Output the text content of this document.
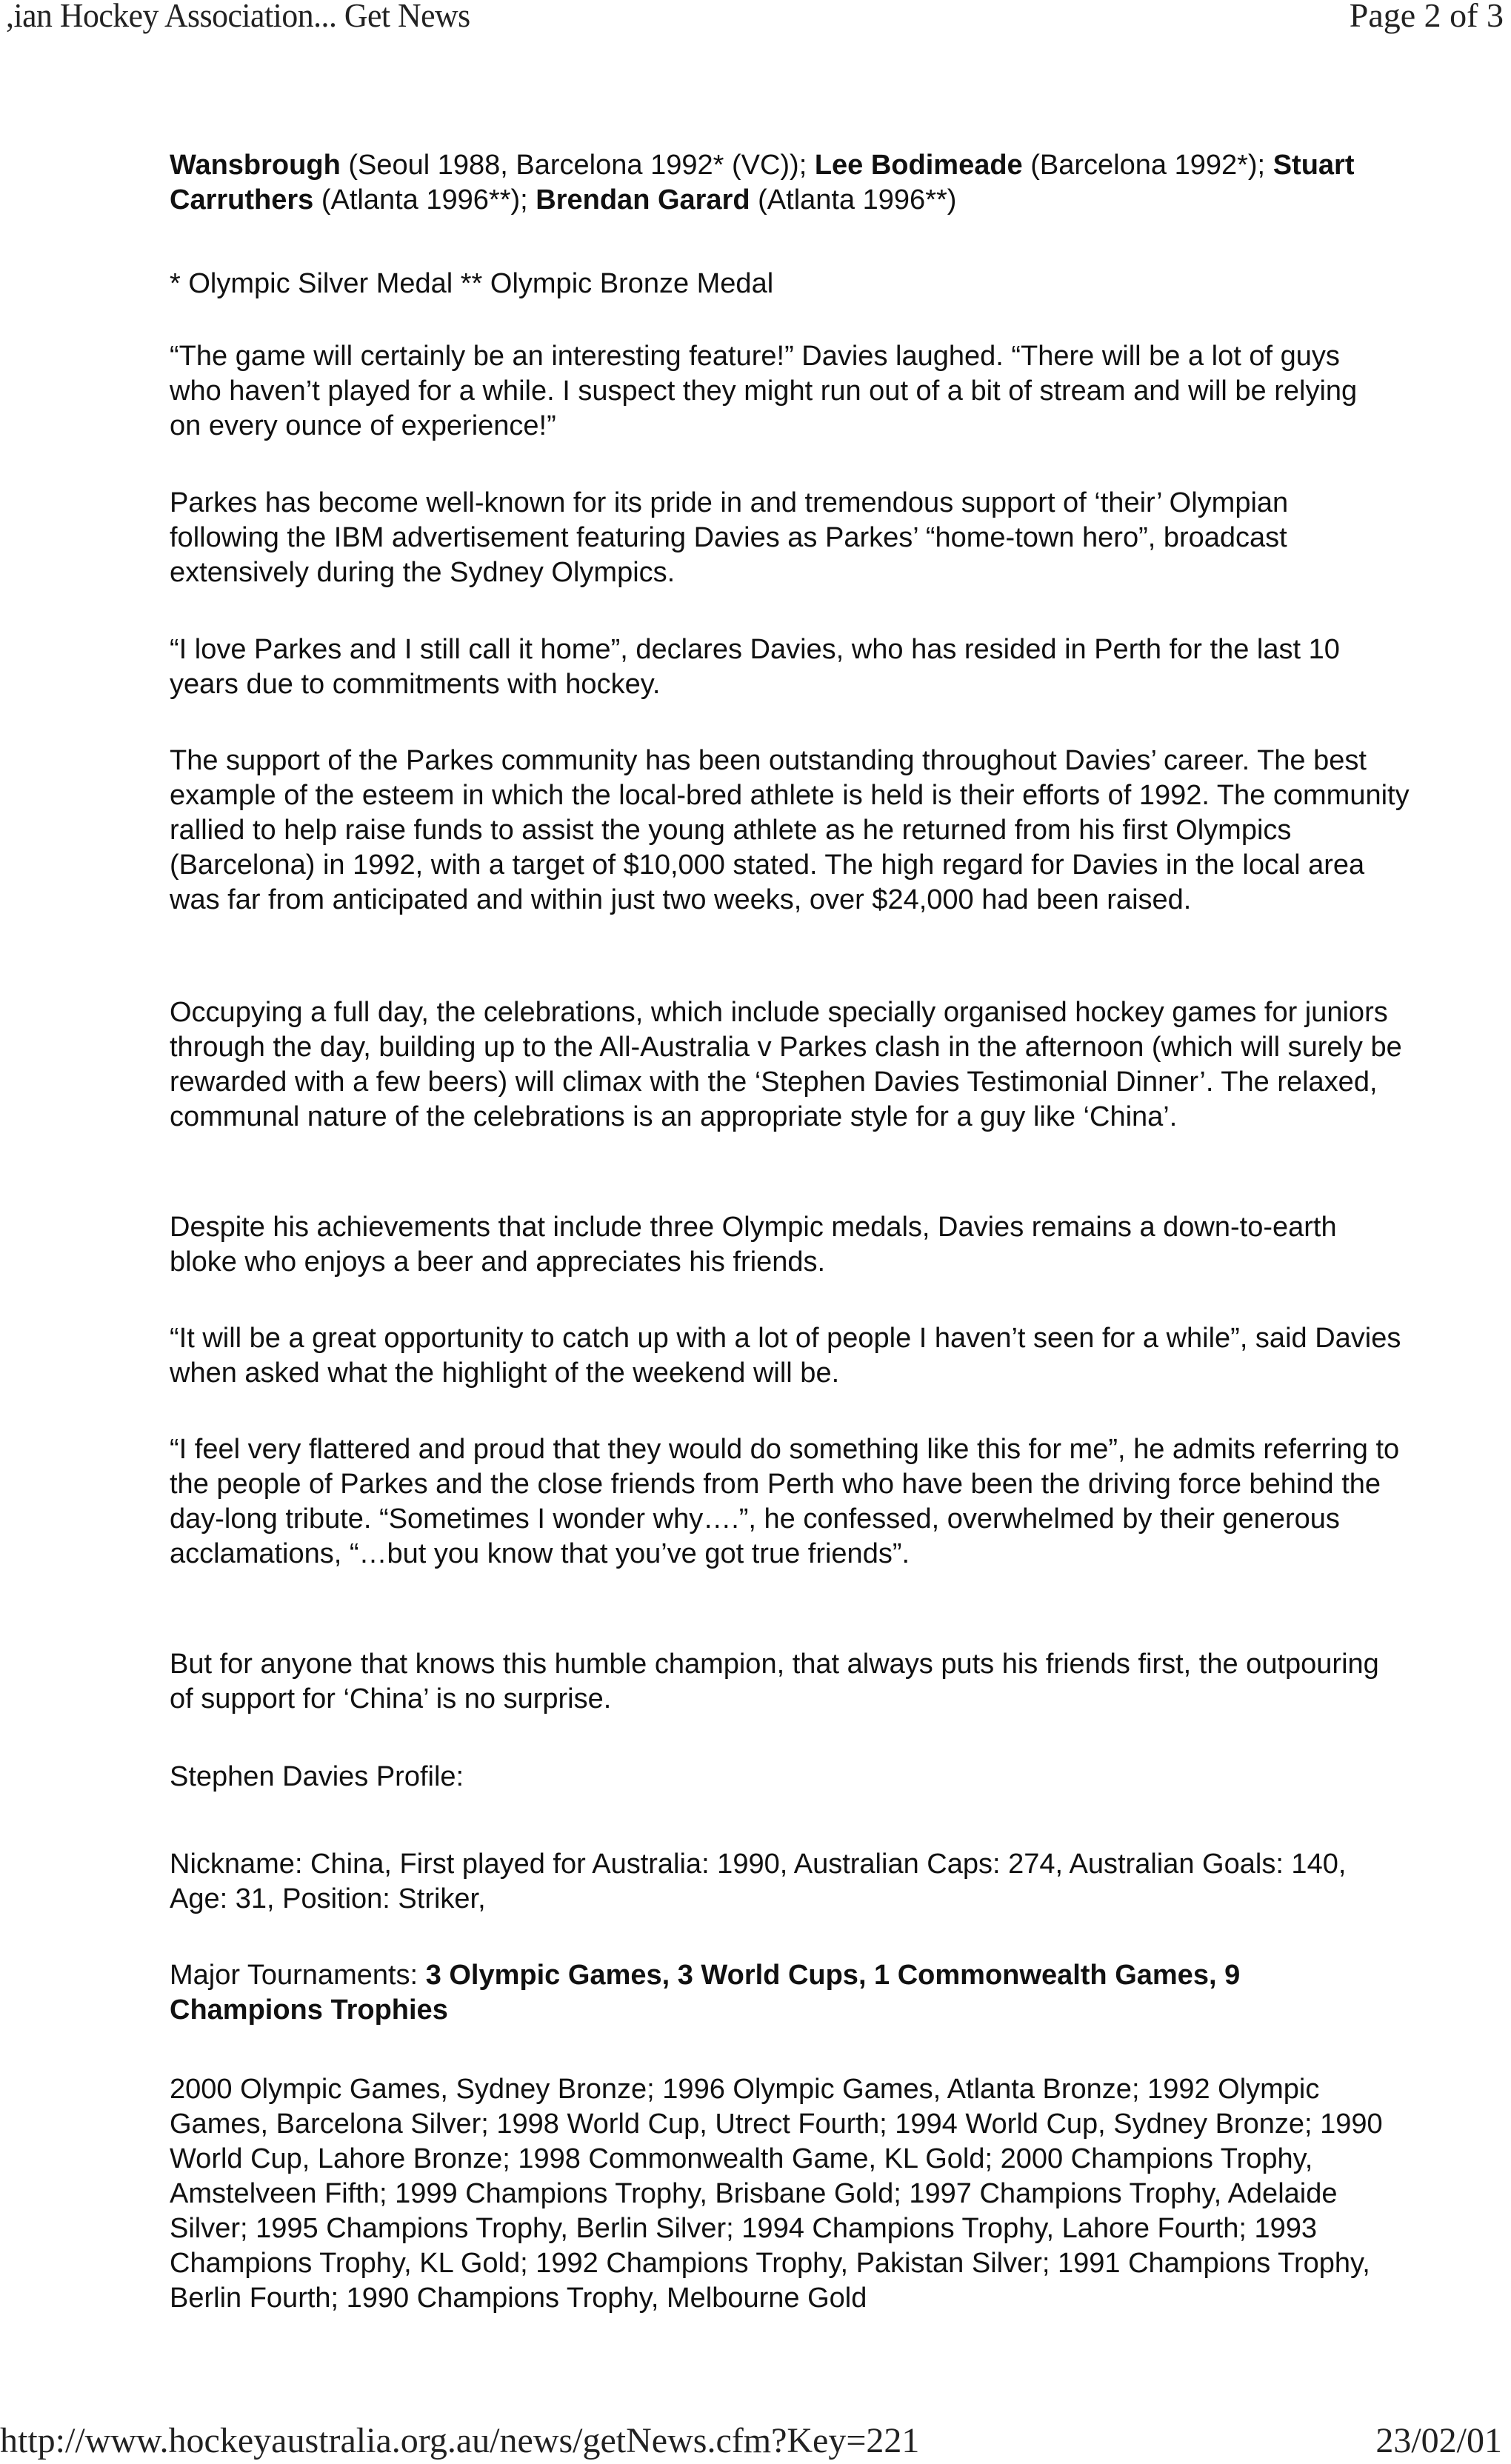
,ian Hockey Association... Get News	Page 2 of 3

Wansbrough (Seoul 1988, Barcelona 1992* (VC)); Lee Bodimeade (Barcelona 1992*); Stuart Carruthers (Atlanta 1996**); Brendan Garard (Atlanta 1996**)

* Olympic Silver Medal ** Olympic Bronze Medal

“The game will certainly be an interesting feature!” Davies laughed. “There will be a lot of guys who haven’t played for a while. I suspect they might run out of a bit of stream and will be relying on every ounce of experience!”

Parkes has become well-known for its pride in and tremendous support of ‘their’ Olympian following the IBM advertisement featuring Davies as Parkes’ “home-town hero”, broadcast extensively during the Sydney Olympics.

“I love Parkes and I still call it home”, declares Davies, who has resided in Perth for the last 10 years due to commitments with hockey.

The support of the Parkes community has been outstanding throughout Davies’ career. The best example of the esteem in which the local-bred athlete is held is their efforts of 1992. The community rallied to help raise funds to assist the young athlete as he returned from his first Olympics (Barcelona) in 1992, with a target of $10,000 stated. The high regard for Davies in the local area was far from anticipated and within just two weeks, over $24,000 had been raised.

Occupying a full day, the celebrations, which include specially organised hockey games for juniors through the day, building up to the All-Australia v Parkes clash in the afternoon (which will surely be rewarded with a few beers) will climax with the ‘Stephen Davies Testimonial Dinner’. The relaxed, communal nature of the celebrations is an appropriate style for a guy like ‘China’.

Despite his achievements that include three Olympic medals, Davies remains a down-to-earth bloke who enjoys a beer and appreciates his friends.

“It will be a great opportunity to catch up with a lot of people I haven’t seen for a while”, said Davies when asked what the highlight of the weekend will be.

“I feel very flattered and proud that they would do something like this for me”, he admits referring to the people of Parkes and the close friends from Perth who have been the driving force behind the day-long tribute. “Sometimes I wonder why….”, he confessed, overwhelmed by their generous acclamations, “…but you know that you’ve got true friends”.

But for anyone that knows this humble champion, that always puts his friends first, the outpouring of support for ‘China’ is no surprise.

Stephen Davies Profile:

Nickname: China, First played for Australia: 1990, Australian Caps: 274, Australian Goals: 140, Age: 31, Position: Striker,

Major Tournaments: 3 Olympic Games, 3 World Cups, 1 Commonwealth Games, 9 Champions Trophies

2000 Olympic Games, Sydney Bronze; 1996 Olympic Games, Atlanta Bronze; 1992 Olympic Games, Barcelona Silver; 1998 World Cup, Utrect Fourth; 1994 World Cup, Sydney Bronze; 1990 World Cup, Lahore Bronze; 1998 Commonwealth Game, KL Gold; 2000 Champions Trophy, Amstelveen Fifth; 1999 Champions Trophy, Brisbane Gold; 1997 Champions Trophy, Adelaide Silver; 1995 Champions Trophy, Berlin Silver; 1994 Champions Trophy, Lahore Fourth; 1993 Champions Trophy, KL Gold; 1992 Champions Trophy, Pakistan Silver; 1991 Champions Trophy, Berlin Fourth; 1990 Champions Trophy, Melbourne Gold

http://www.hockeyaustralia.org.au/news/getNews.cfm?Key=221	23/02/01
